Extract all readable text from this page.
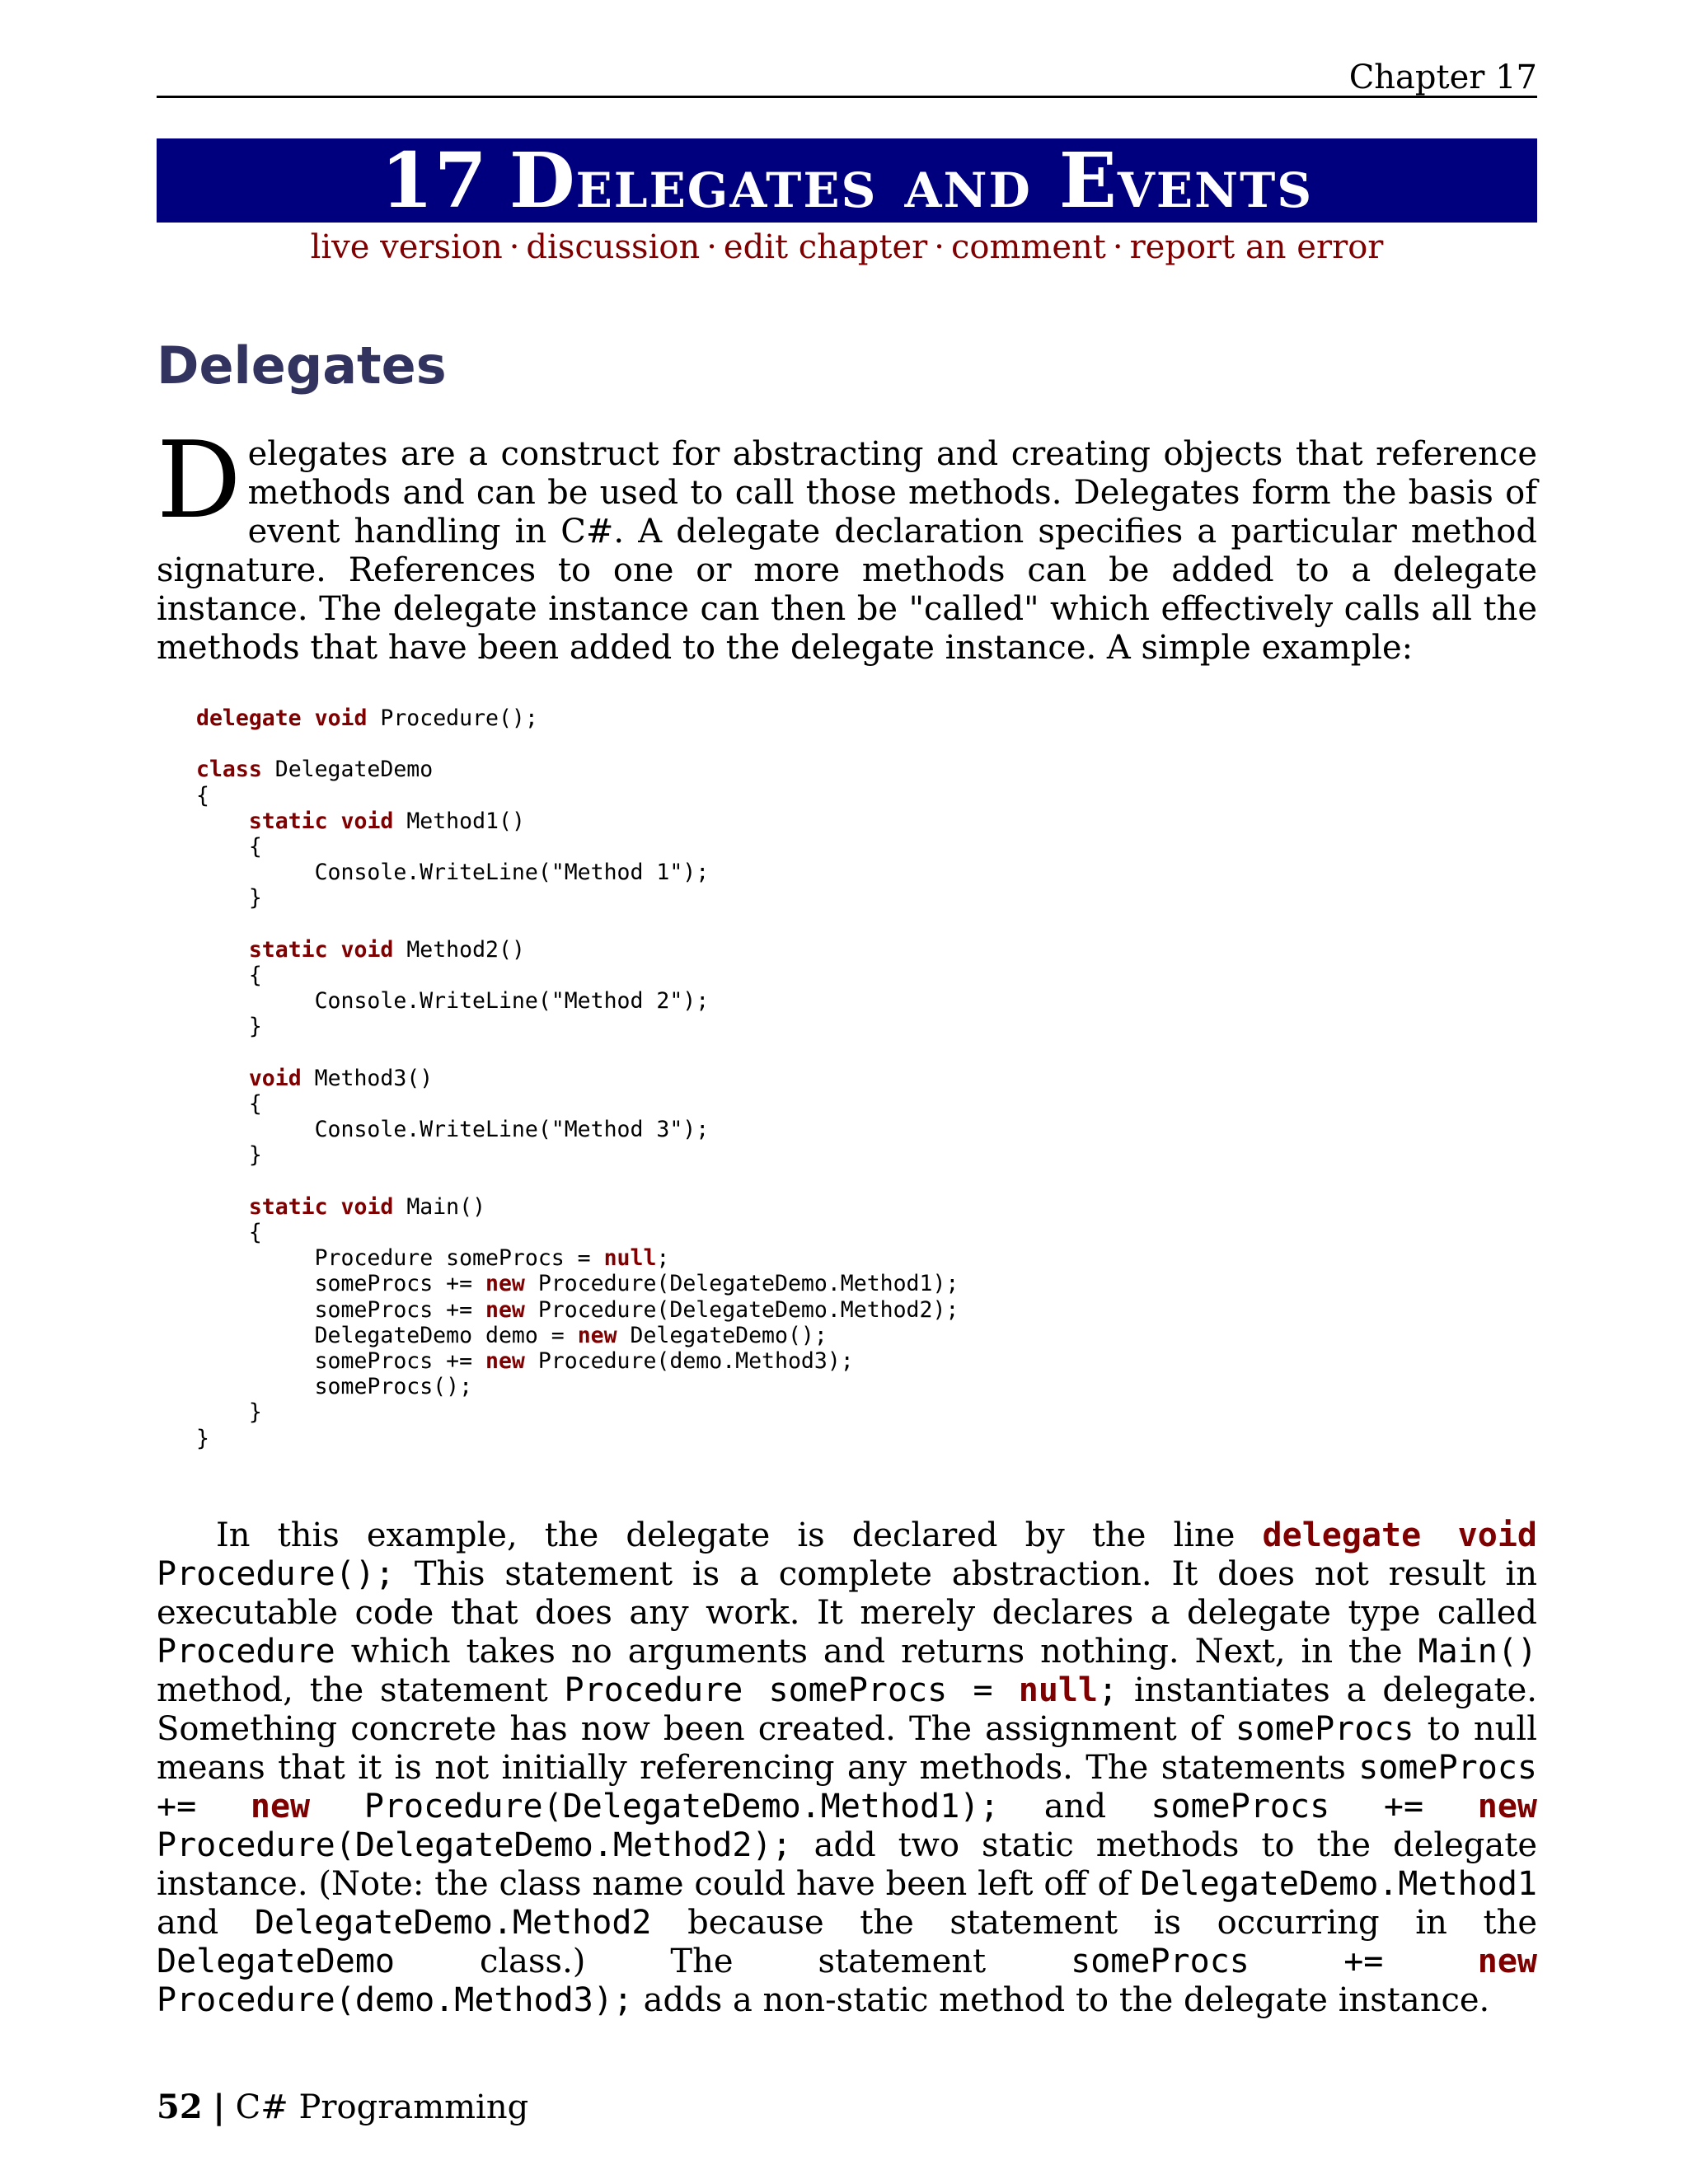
Chapter 17
17 DELEGATES AND EVENTS
live version · discussion · edit chapter · comment · report an error
Delegates

Delegates are a construct for abstracting and creating objects that reference methods and can be used to call those methods. Delegates form the basis of event handling in C#. A delegate declaration specifies a particular method signature. References to one or more methods can be added to a delegate instance. The delegate instance can then be "called" which effectively calls all the methods that have been added to the delegate instance. A simple example:

delegate void Procedure();

class DelegateDemo
{
static void Method1()
{
Console.WriteLine("Method 1");
}

static void Method2()
{
Console.WriteLine("Method 2");
}

void Method3()
{
Console.WriteLine("Method 3");
}

static void Main()
{
Procedure someProcs = null;
someProcs += new Procedure(DelegateDemo.Method1);
someProcs += new Procedure(DelegateDemo.Method2);
DelegateDemo demo = new DelegateDemo();
someProcs += new Procedure(demo.Method3);
someProcs();
}
}

In this example, the delegate is declared by the line delegate void Procedure(); This statement is a complete abstraction. It does not result in executable code that does any work. It merely declares a delegate type called Procedure which takes no arguments and returns nothing. Next, in the Main() method, the statement Procedure someProcs = null; instantiates a delegate. Something concrete has now been created. The assignment of someProcs to null means that it is not initially referencing any methods. The statements someProcs += new Procedure(DelegateDemo.Method1); and someProcs += new Procedure(DelegateDemo.Method2); add two static methods to the delegate instance. (Note: the class name could have been left off of DelegateDemo.Method1 and DelegateDemo.Method2 because the statement is occurring in the DelegateDemo class.) The statement someProcs += new Procedure(demo.Method3); adds a non-static method to the delegate instance.

52 | C# Programming
